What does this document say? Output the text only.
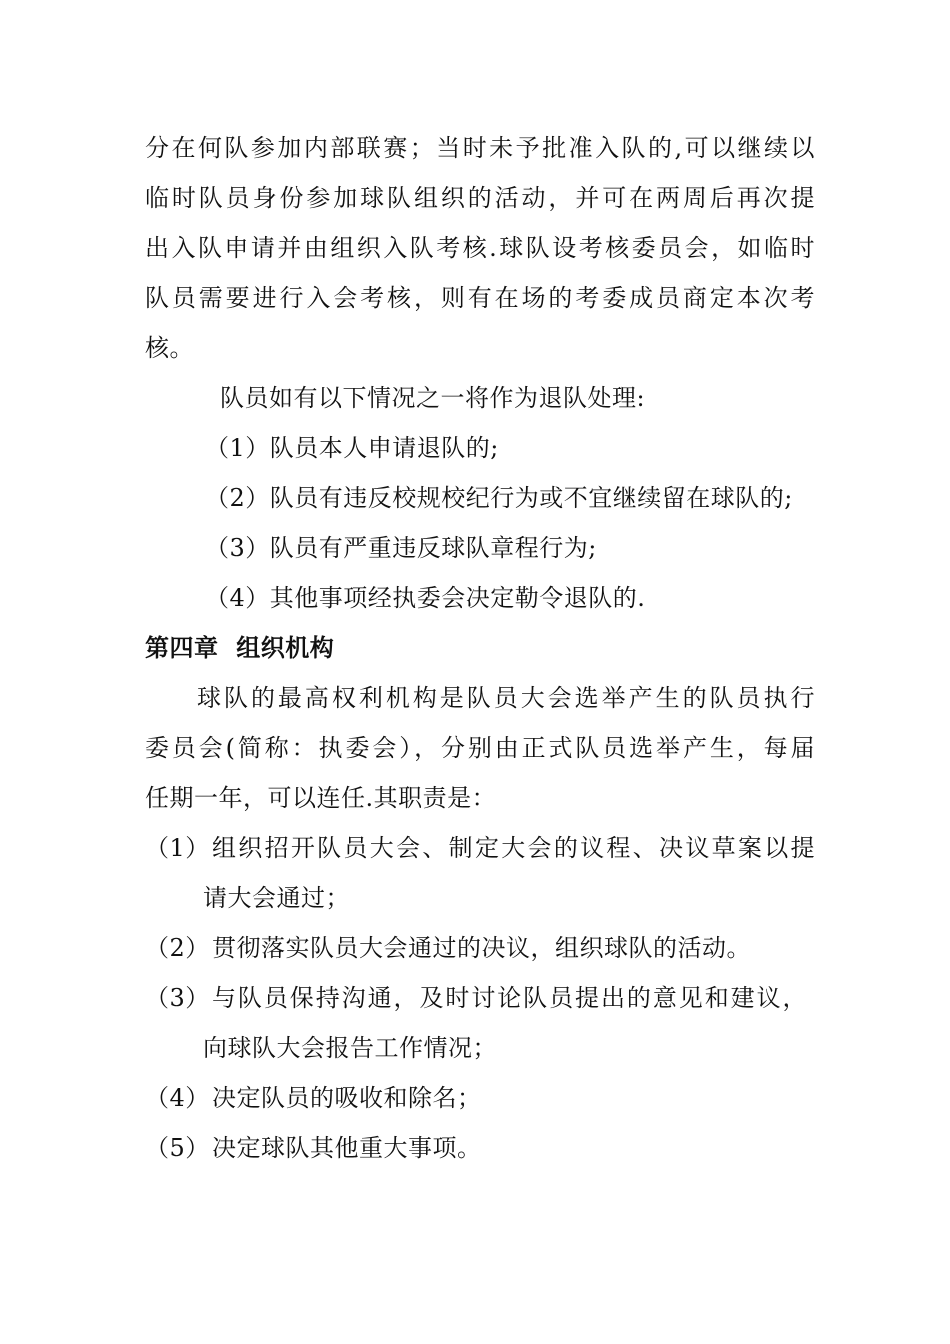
分在何队参加内部联赛；当时未予批准入队的,可以继续以
临时队员身份参加球队组织的活动，并可在两周后再次提
出入队申请并由组织入队考核.球队设考核委员会，如临时
队员需要进行入会考核，则有在场的考委成员商定本次考
核。
队员如有以下情况之一将作为退队处理:
（1）队员本人申请退队的;
（2）队员有违反校规校纪行为或不宜继续留在球队的;
（3）队员有严重违反球队章程行为;
（4）其他事项经执委会决定勒令退队的.
第四章  组织机构
球队的最高权利机构是队员大会选举产生的队员执行
委员会(简称：执委会），分别由正式队员选举产生，每届
任期一年，可以连任.其职责是：
（1） 组织招开队员大会、制定大会的议程、决议草案以提
请大会通过；
（2） 贯彻落实队员大会通过的决议，组织球队的活动。
（3） 与队员保持沟通，及时讨论队员提出的意见和建议，
向球队大会报告工作情况；
（4） 决定队员的吸收和除名；
（5） 决定球队其他重大事项。
